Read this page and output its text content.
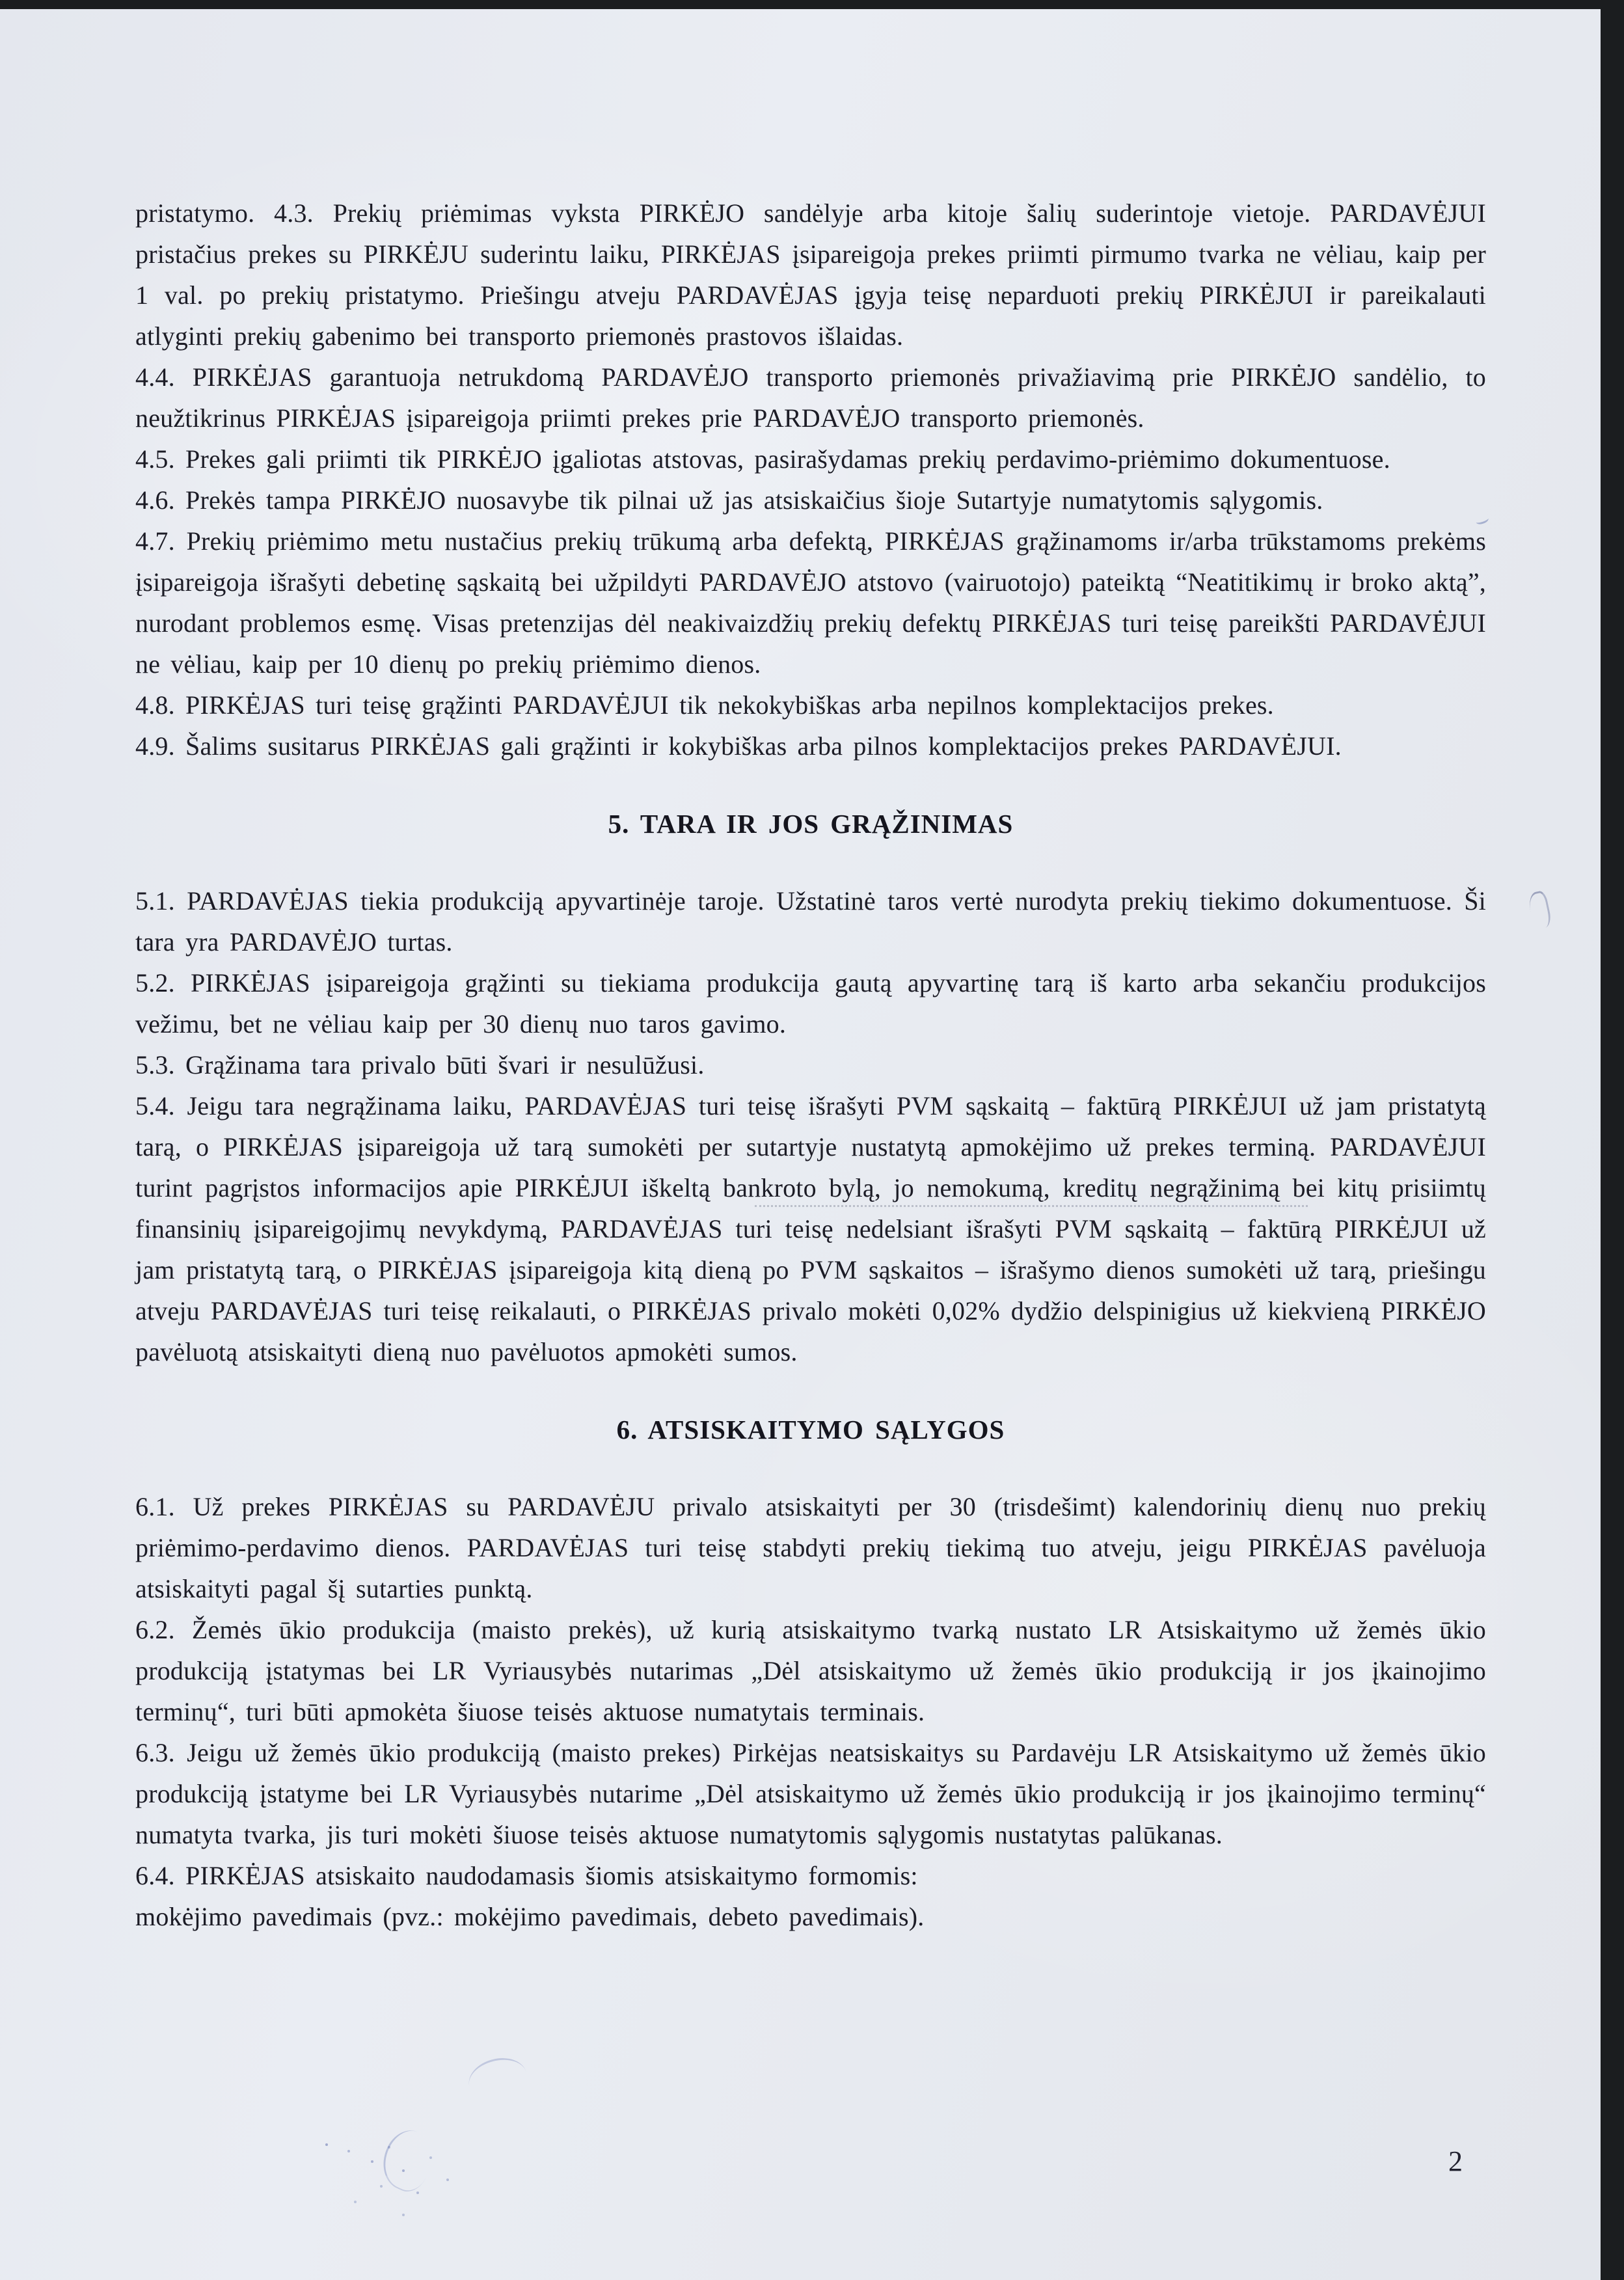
pristatymo. 4.3. Prekių priėmimas vyksta PIRKĖJO sandėlyje arba kitoje šalių suderintoje vietoje. PARDAVĖJUI pristačius prekes su PIRKĖJU suderintu laiku, PIRKĖJAS įsipareigoja prekes priimti pirmumo tvarka ne vėliau, kaip per 1 val. po prekių pristatymo. Priešingu atveju PARDAVĖJAS įgyja teisę neparduoti prekių PIRKĖJUI ir pareikalauti atlyginti prekių gabenimo bei transporto priemonės prastovos išlaidas.

4.4. PIRKĖJAS garantuoja netrukdomą PARDAVĖJO transporto priemonės privažiavimą prie PIRKĖJO sandėlio, to neužtikrinus PIRKĖJAS įsipareigoja priimti prekes prie PARDAVĖJO transporto priemonės.

4.5. Prekes gali priimti tik PIRKĖJO įgaliotas atstovas, pasirašydamas prekių perdavimo-priėmimo dokumentuose.

4.6. Prekės tampa PIRKĖJO nuosavybe tik pilnai už jas atsiskaičius šioje Sutartyje numatytomis sąlygomis.

4.7. Prekių priėmimo metu nustačius prekių trūkumą arba defektą, PIRKĖJAS grąžinamoms ir/arba trūkstamoms prekėms įsipareigoja išrašyti debetinę sąskaitą bei užpildyti PARDAVĖJO atstovo (vairuotojo) pateiktą “Neatitikimų ir broko aktą”, nurodant problemos esmę. Visas pretenzijas dėl neakivaizdžių prekių defektų PIRKĖJAS turi teisę pareikšti PARDAVĖJUI ne vėliau, kaip per 10 dienų po prekių priėmimo dienos.

4.8. PIRKĖJAS turi teisę grąžinti PARDAVĖJUI tik nekokybiškas arba nepilnos komplektacijos prekes.

4.9. Šalims susitarus PIRKĖJAS gali grąžinti ir kokybiškas arba pilnos komplektacijos prekes PARDAVĖJUI.

5. TARA IR JOS GRĄŽINIMAS

5.1. PARDAVĖJAS tiekia produkciją apyvartinėje taroje. Užstatinė taros vertė nurodyta prekių tiekimo dokumentuose. Ši tara yra PARDAVĖJO turtas.

5.2. PIRKĖJAS įsipareigoja grąžinti su tiekiama produkcija gautą apyvartinę tarą iš karto arba sekančiu produkcijos vežimu, bet ne vėliau kaip per 30 dienų nuo taros gavimo.

5.3. Grąžinama tara privalo būti švari ir nesulūžusi.

5.4. Jeigu tara negrąžinama laiku, PARDAVĖJAS turi teisę išrašyti PVM sąskaitą – faktūrą PIRKĖJUI už jam pristatytą tarą, o PIRKĖJAS įsipareigoja už tarą sumokėti per sutartyje nustatytą apmokėjimo už prekes terminą. PARDAVĖJUI turint pagrįstos informacijos apie PIRKĖJUI iškeltą bankroto bylą, jo nemokumą, kreditų negrąžinimą bei kitų prisiimtų finansinių įsipareigojimų nevykdymą, PARDAVĖJAS turi teisę nedelsiant išrašyti PVM sąskaitą – faktūrą PIRKĖJUI už jam pristatytą tarą, o PIRKĖJAS įsipareigoja kitą dieną po PVM sąskaitos – išrašymo dienos sumokėti už tarą, priešingu atveju PARDAVĖJAS turi teisę reikalauti, o PIRKĖJAS privalo mokėti 0,02% dydžio delspinigius už kiekvieną PIRKĖJO pavėluotą atsiskaityti dieną nuo pavėluotos apmokėti sumos.

6. ATSISKAITYMO SĄLYGOS

6.1. Už prekes PIRKĖJAS su PARDAVĖJU privalo atsiskaityti per 30 (trisdešimt) kalendorinių dienų nuo prekių priėmimo-perdavimo dienos. PARDAVĖJAS turi teisę stabdyti prekių tiekimą tuo atveju, jeigu PIRKĖJAS pavėluoja atsiskaityti pagal šį sutarties punktą.

6.2. Žemės ūkio produkcija (maisto prekės), už kurią atsiskaitymo tvarką nustato LR Atsiskaitymo už žemės ūkio produkciją įstatymas bei LR Vyriausybės nutarimas „Dėl atsiskaitymo už žemės ūkio produkciją ir jos įkainojimo terminų“, turi būti apmokėta šiuose teisės aktuose numatytais terminais.

6.3. Jeigu už žemės ūkio produkciją (maisto prekes) Pirkėjas neatsiskaitys su Pardavėju LR Atsiskaitymo už žemės ūkio produkciją įstatyme bei LR Vyriausybės nutarime „Dėl atsiskaitymo už žemės ūkio produkciją ir jos įkainojimo terminų“ numatyta tvarka, jis turi mokėti šiuose teisės aktuose numatytomis sąlygomis nustatytas palūkanas.

6.4. PIRKĖJAS atsiskaito naudodamasis šiomis atsiskaitymo formomis:

mokėjimo pavedimais (pvz.: mokėjimo pavedimais, debeto pavedimais).

2
